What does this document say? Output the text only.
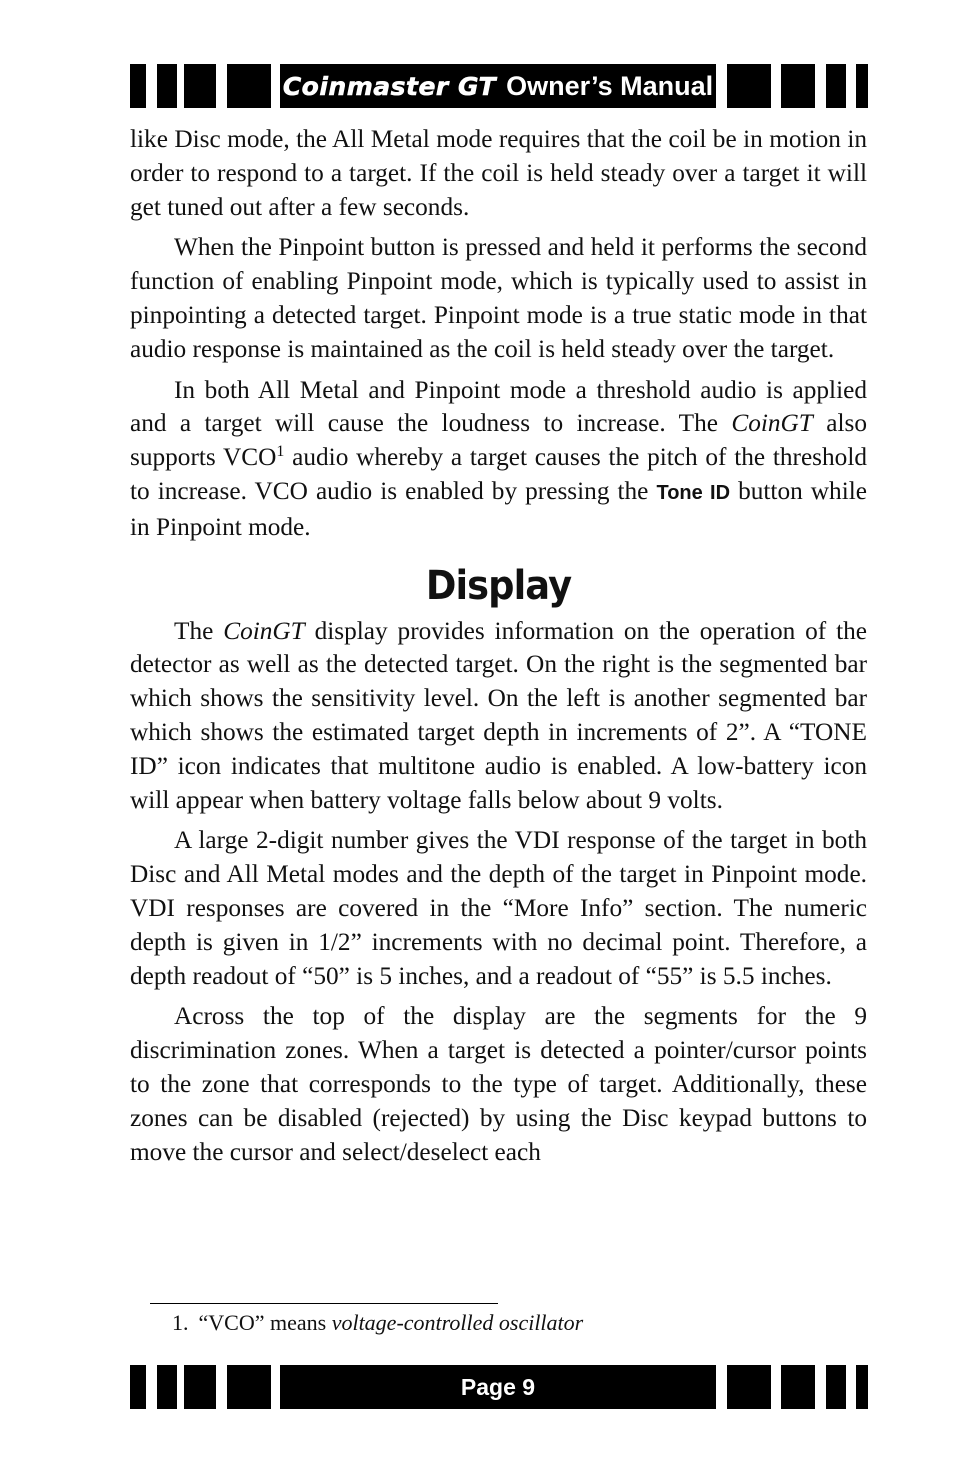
Coinmaster GT Owner’s Manual

like Disc mode, the All Metal mode requires that the coil be in motion in order to respond to a target. If the coil is held steady over a target it will get tuned out after a few seconds.

When the Pinpoint button is pressed and held it performs the second function of enabling Pinpoint mode, which is typically used to assist in pinpointing a detected target. Pinpoint mode is a true static mode in that audio response is maintained as the coil is held steady over the target.

In both All Metal and Pinpoint mode a threshold audio is applied and a target will cause the loudness to increase. The CoinGT also supports VCO$^1$ audio whereby a target causes the pitch of the threshold to increase. VCO audio is enabled by pressing the Tone ID button while in Pinpoint mode.

Display

The CoinGT display provides information on the operation of the detector as well as the detected target. On the right is the segmented bar which shows the sensitivity level. On the left is another segmented bar which shows the estimated target depth in increments of 2”. A “TONE ID” icon indicates that multitone audio is enabled. A low-battery icon will appear when battery voltage falls below about 9 volts.

A large 2-digit number gives the VDI response of the target in both Disc and All Metal modes and the depth of the target in Pinpoint mode. VDI responses are covered in the “More Info” section. The numeric depth is given in 1/2” increments with no decimal point. Therefore, a depth readout of “50” is 5 inches, and a readout of “55” is 5.5 inches.

Across the top of the display are the segments for the 9 discrimination zones. When a target is detected a pointer/cursor points to the zone that corresponds to the type of target. Additionally, these zones can be disabled (rejected) by using the Disc keypad buttons to move the cursor and select/deselect each

1. “VCO” means voltage-controlled oscillator
Page 9
